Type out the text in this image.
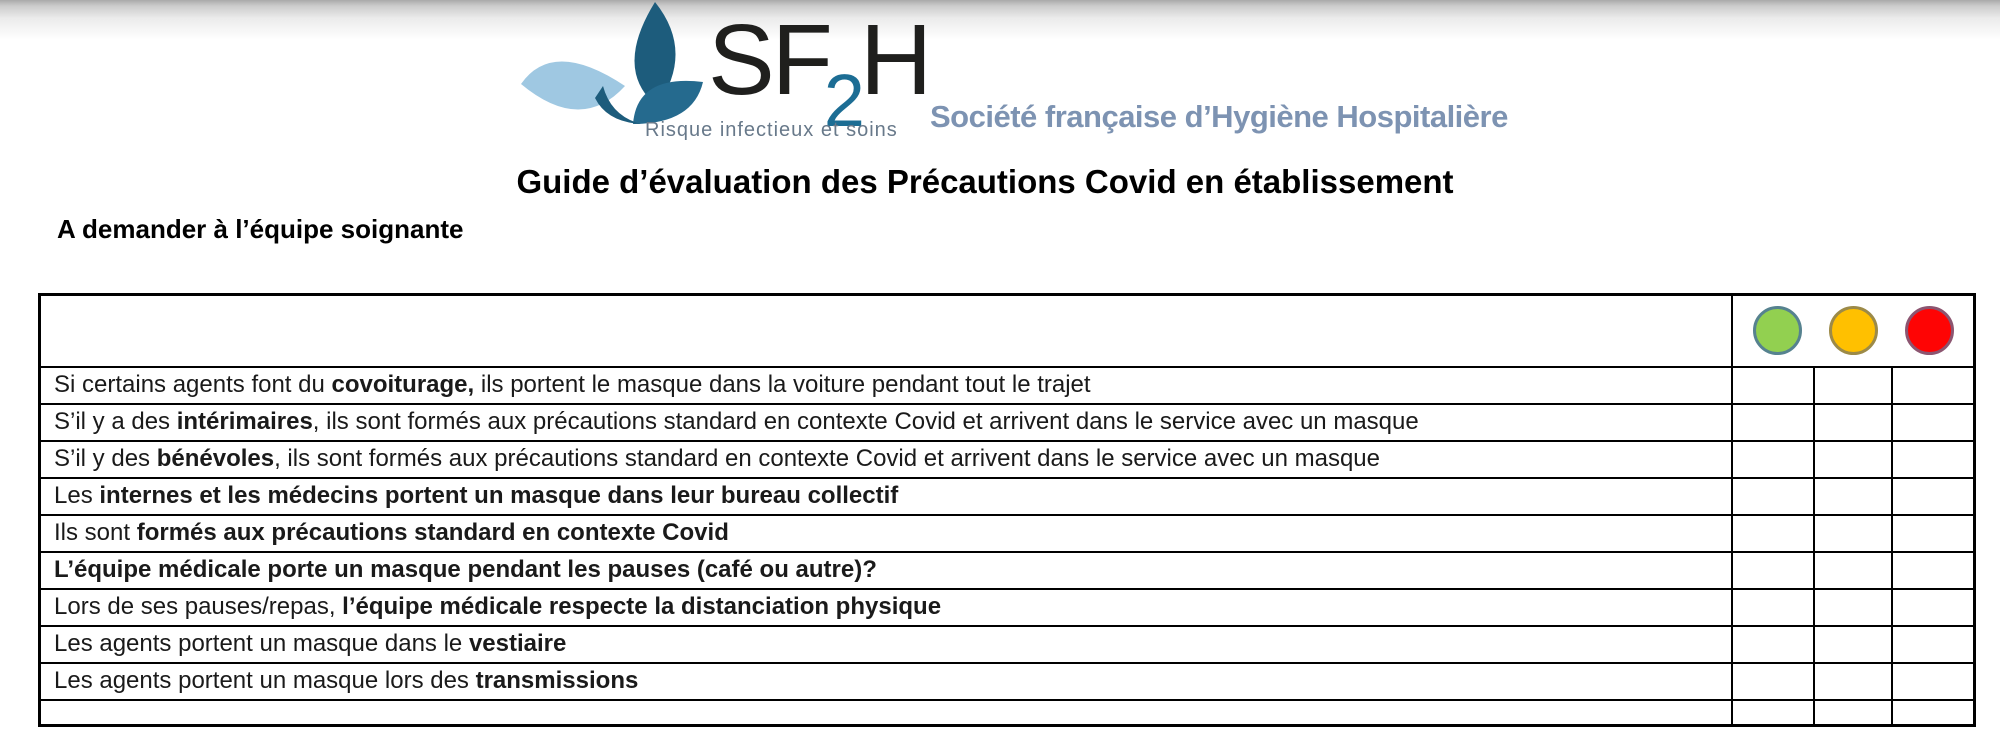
$SF_2H$
Risque infectieux et soins Société française d’Hygiène Hospitalière
Guide d’évaluation des Précautions Covid en établissement
A demander à l’équipe soignante

Si certains agents font du covoiturage, ils portent le masque dans la voiture pendant tout le trajet			
S’il y a des intérimaires, ils sont formés aux précautions standard en contexte Covid et arrivent dans le service avec un masque			
S’il y des bénévoles, ils sont formés aux précautions standard en contexte Covid et arrivent dans le service avec un masque			
Les internes et les médecins portent un masque dans leur bureau collectif			
Ils sont formés aux précautions standard en contexte Covid			
L’équipe médicale porte un masque pendant les pauses (café ou autre)?			
Lors de ses pauses/repas, l’équipe médicale respecte la distanciation physique			
Les agents portent un masque dans le vestiaire			
Les agents portent un masque lors des transmissions			
